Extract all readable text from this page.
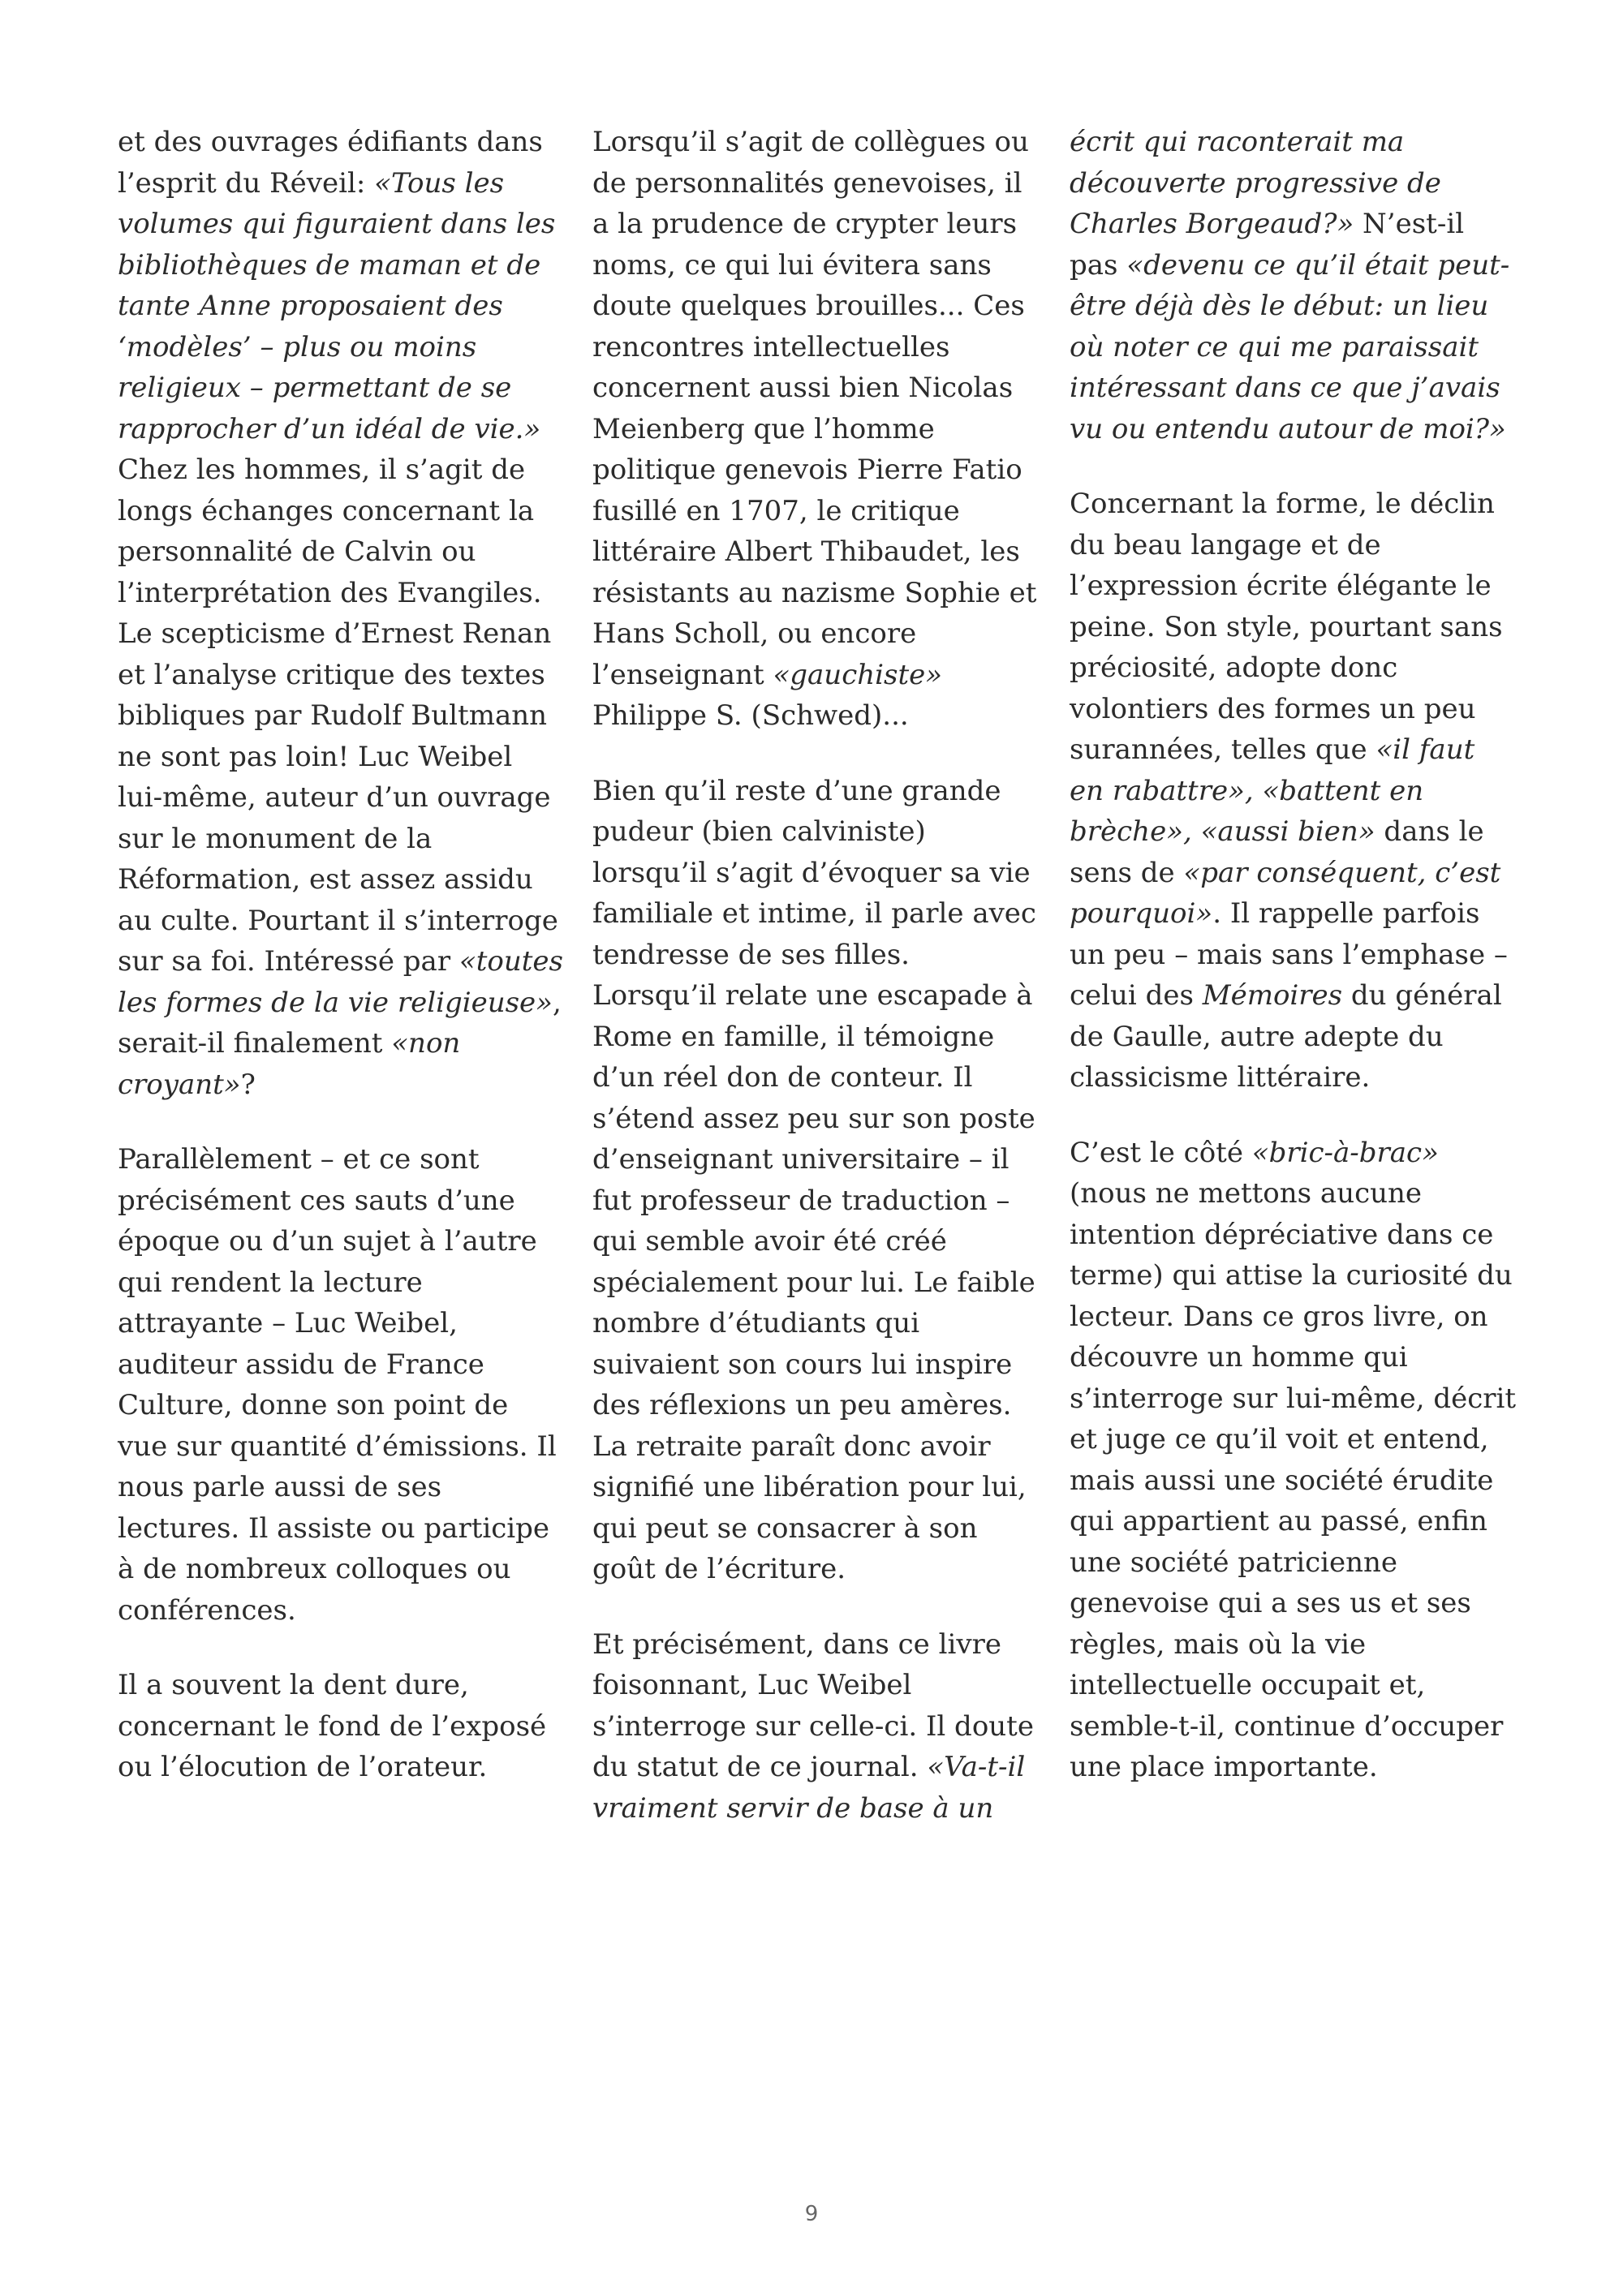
et des ouvrages édifiants dans
l’esprit du Réveil: «Tous les
volumes qui figuraient dans les
bibliothèques de maman et de
tante Anne proposaient des
‘modèles’ – plus ou moins
religieux – permettant de se
rapprocher d’un idéal de vie.»
Chez les hommes, il s’agit de
longs échanges concernant la
personnalité de Calvin ou
l’interprétation des Evangiles.
Le scepticisme d’Ernest Renan
et l’analyse critique des textes
bibliques par Rudolf Bultmann
ne sont pas loin! Luc Weibel
lui-même, auteur d’un ouvrage
sur le monument de la
Réformation, est assez assidu
au culte. Pourtant il s’interroge
sur sa foi. Intéressé par «toutes
les formes de la vie religieuse»,
serait-il finalement «non
croyant»?

Parallèlement – et ce sont
précisément ces sauts d’une
époque ou d’un sujet à l’autre
qui rendent la lecture
attrayante – Luc Weibel,
auditeur assidu de France
Culture, donne son point de
vue sur quantité d’émissions. Il
nous parle aussi de ses
lectures. Il assiste ou participe
à de nombreux colloques ou
conférences.

Il a souvent la dent dure,
concernant le fond de l’exposé
ou l’élocution de l’orateur.

Lorsqu’il s’agit de collègues ou
de personnalités genevoises, il
a la prudence de crypter leurs
noms, ce qui lui évitera sans
doute quelques brouilles... Ces
rencontres intellectuelles
concernent aussi bien Nicolas
Meienberg que l’homme
politique genevois Pierre Fatio
fusillé en 1707, le critique
littéraire Albert Thibaudet, les
résistants au nazisme Sophie et
Hans Scholl, ou encore
l’enseignant «gauchiste»
Philippe S. (Schwed)...

Bien qu’il reste d’une grande
pudeur (bien calviniste)
lorsqu’il s’agit d’évoquer sa vie
familiale et intime, il parle avec
tendresse de ses filles.
Lorsqu’il relate une escapade à
Rome en famille, il témoigne
d’un réel don de conteur. Il
s’étend assez peu sur son poste
d’enseignant universitaire – il
fut professeur de traduction –
qui semble avoir été créé
spécialement pour lui. Le faible
nombre d’étudiants qui
suivaient son cours lui inspire
des réflexions un peu amères.
La retraite paraît donc avoir
signifié une libération pour lui,
qui peut se consacrer à son
goût de l’écriture.

Et précisément, dans ce livre
foisonnant, Luc Weibel
s’interroge sur celle-ci. Il doute
du statut de ce journal. «Va-t-il
vraiment servir de base à un

écrit qui raconterait ma
découverte progressive de
Charles Borgeaud?» N’est-il
pas «devenu ce qu’il était peut-
être déjà dès le début: un lieu
où noter ce qui me paraissait
intéressant dans ce que j’avais
vu ou entendu autour de moi?»

Concernant la forme, le déclin
du beau langage et de
l’expression écrite élégante le
peine. Son style, pourtant sans
préciosité, adopte donc
volontiers des formes un peu
surannées, telles que «il faut
en rabattre», «battent en
brèche», «aussi bien» dans le
sens de «par conséquent, c’est
pourquoi». Il rappelle parfois
un peu – mais sans l’emphase –
celui des Mémoires du général
de Gaulle, autre adepte du
classicisme littéraire.

C’est le côté «bric-à-brac»
(nous ne mettons aucune
intention dépréciative dans ce
terme) qui attise la curiosité du
lecteur. Dans ce gros livre, on
découvre un homme qui
s’interroge sur lui-même, décrit
et juge ce qu’il voit et entend,
mais aussi une société érudite
qui appartient au passé, enfin
une société patricienne
genevoise qui a ses us et ses
règles, mais où la vie
intellectuelle occupait et,
semble-t-il, continue d’occuper
une place importante.

9
